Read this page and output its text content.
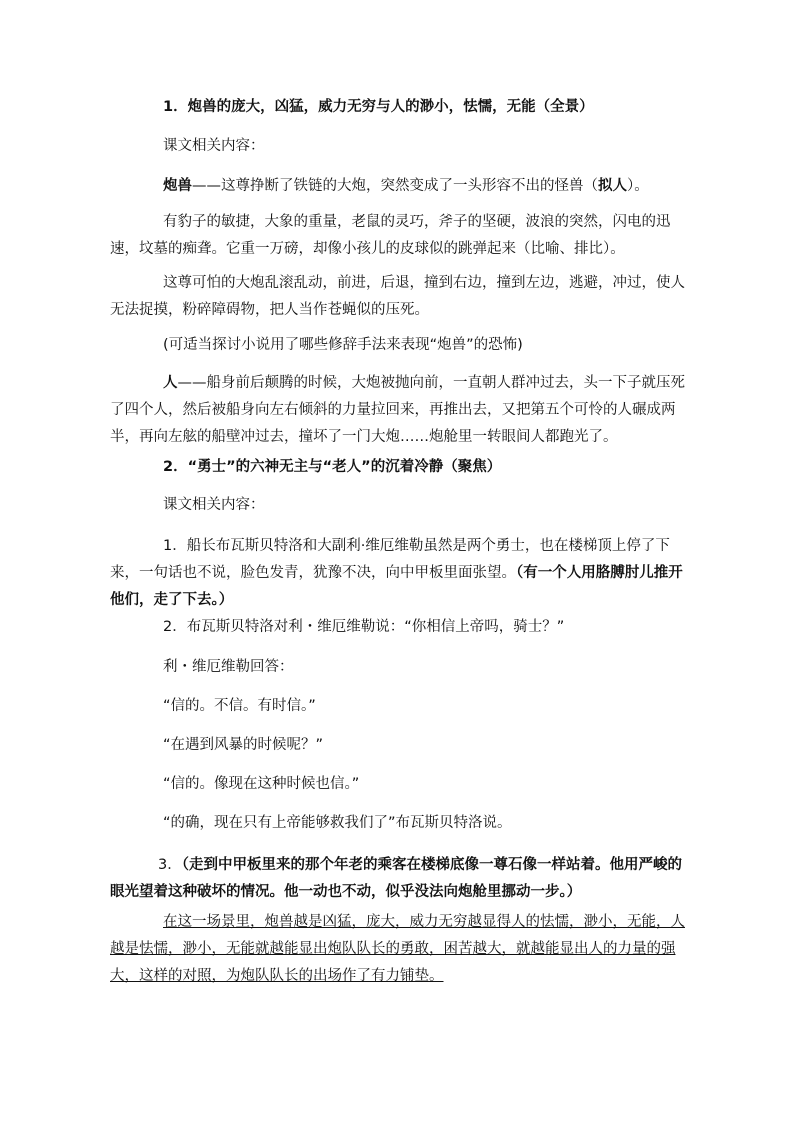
1．炮兽的庞大，凶猛，威力无穷与人的渺小，怯懦，无能（全景）
课文相关内容：
炮兽——这尊挣断了铁链的大炮，突然变成了一头形容不出的怪兽（拟人）。
有豹子的敏捷，大象的重量，老鼠的灵巧，斧子的坚硬，波浪的突然，闪电的迅速，坟墓的痴聋。它重一万磅，却像小孩儿的皮球似的跳弹起来（比喻、排比）。
这尊可怕的大炮乱滚乱动，前进，后退，撞到右边，撞到左边，逃避，冲过，使人无法捉摸，粉碎障碍物，把人当作苍蝇似的压死。
(可适当探讨小说用了哪些修辞手法来表现“炮兽”的恐怖)
人——船身前后颠腾的时候，大炮被抛向前，一直朝人群冲过去，头一下子就压死了四个人，然后被船身向左右倾斜的力量拉回来，再推出去，又把第五个可怜的人碾成两半，再向左舷的船壁冲过去，撞坏了一门大炮……炮舱里一转眼间人都跑光了。
2．“勇士”的六神无主与“老人”的沉着冷静（聚焦）
课文相关内容：
1．船长布瓦斯贝特洛和大副利·维厄维勒虽然是两个勇士，也在楼梯顶上停了下来，一句话也不说，脸色发青，犹豫不决，向中甲板里面张望。（有一个人用胳膊肘儿推开他们，走了下去。）
2．布瓦斯贝特洛对利・维厄维勒说：“你相信上帝吗，骑士？”
利・维厄维勒回答：
“信的。不信。有时信。”
“在遇到风暴的时候呢？”
“信的。像现在这种时候也信。”
“的确，现在只有上帝能够救我们了”布瓦斯贝特洛说。
3．（走到中甲板里来的那个年老的乘客在楼梯底像一尊石像一样站着。他用严峻的眼光望着这种破坏的情况。他一动也不动，似乎没法向炮舱里挪动一步。）
在这一场景里，炮兽越是凶猛，庞大，威力无穷越显得人的怯懦，渺小，无能，人越是怯懦，渺小，无能就越能显出炮队队长的勇敢，困苦越大，就越能显出人的力量的强大，这样的对照，为炮队队长的出场作了有力铺垫。
